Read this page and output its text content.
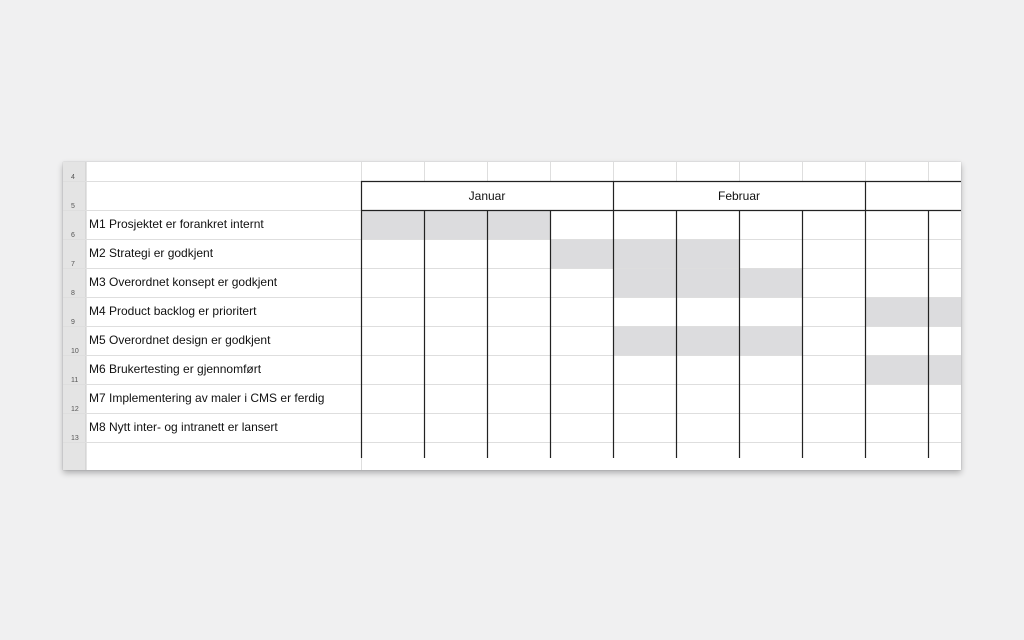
Januar	Februar
4
5
6
7
8
9
10
11
12
13
M1 Prosjektet er forankret internt
M2 Strategi er godkjent
M3 Overordnet konsept er godkjent
M4 Product backlog er prioritert
M5 Overordnet design er godkjent
M6 Brukertesting er gjennomført
M7 Implementering av maler i CMS er ferdig
M8 Nytt inter- og intranett er lansert
